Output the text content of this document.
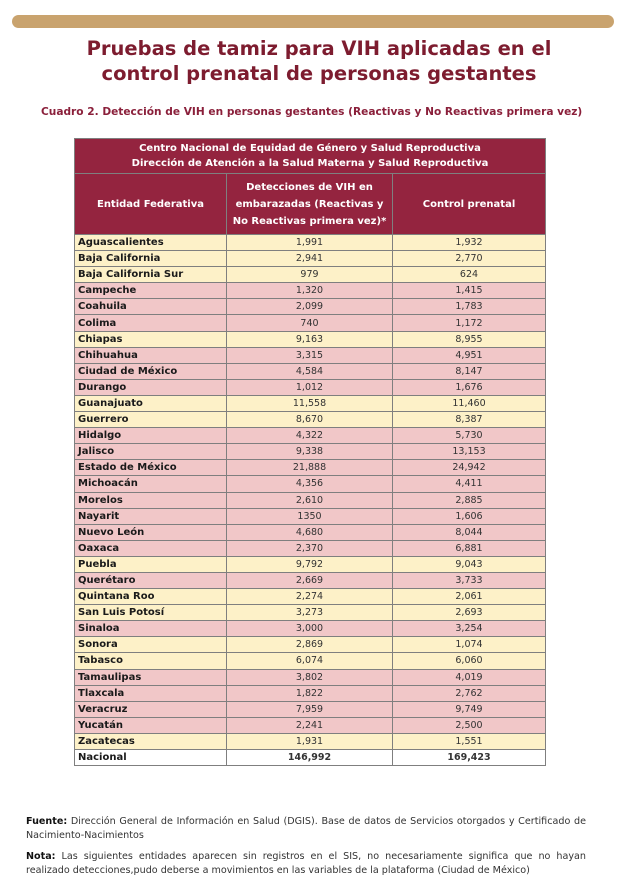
Pruebas de tamiz para VIH aplicadas en el
control prenatal de personas gestantes
Cuadro 2. Detección de VIH en personas gestantes (Reactivas y No Reactivas primera vez)
Centro Nacional de Equidad de Género y Salud Reproductiva
Dirección de Atención a la Salud Materna y Salud Reproductiva		

Entidad Federativa	Detecciones de VIH en embarazadas (Reactivas y No Reactivas primera vez)*	Control prenatal
Aguascalientes	1,991	1,932
Baja California	2,941	2,770
Baja California Sur	979	624
Campeche	1,320	1,415
Coahuila	2,099	1,783
Colima	740	1,172
Chiapas	9,163	8,955
Chihuahua	3,315	4,951
Ciudad de México	4,584	8,147
Durango	1,012	1,676
Guanajuato	11,558	11,460
Guerrero	8,670	8,387
Hidalgo	4,322	5,730
Jalisco	9,338	13,153
Estado de México	21,888	24,942
Michoacán	4,356	4,411
Morelos	2,610	2,885
Nayarit	1350	1,606
Nuevo León	4,680	8,044
Oaxaca	2,370	6,881
Puebla	9,792	9,043
Querétaro	2,669	3,733
Quintana Roo	2,274	2,061
San Luis Potosí	3,273	2,693
Sinaloa	3,000	3,254
Sonora	2,869	1,074
Tabasco	6,074	6,060
Tamaulipas	3,802	4,019
Tlaxcala	1,822	2,762
Veracruz	7,959	9,749
Yucatán	2,241	2,500
Zacatecas	1,931	1,551
Nacional	146,992	169,423
Fuente: Dirección General de Información en Salud (DGIS). Base de datos de Servicios otorgados y Certificado de Nacimiento-Nacimientos
Nota: Las siguientes entidades aparecen sin registros en el SIS, no necesariamente significa que no hayan realizado detecciones,pudo deberse a movimientos en las variables de la plataforma (Ciudad de México)
